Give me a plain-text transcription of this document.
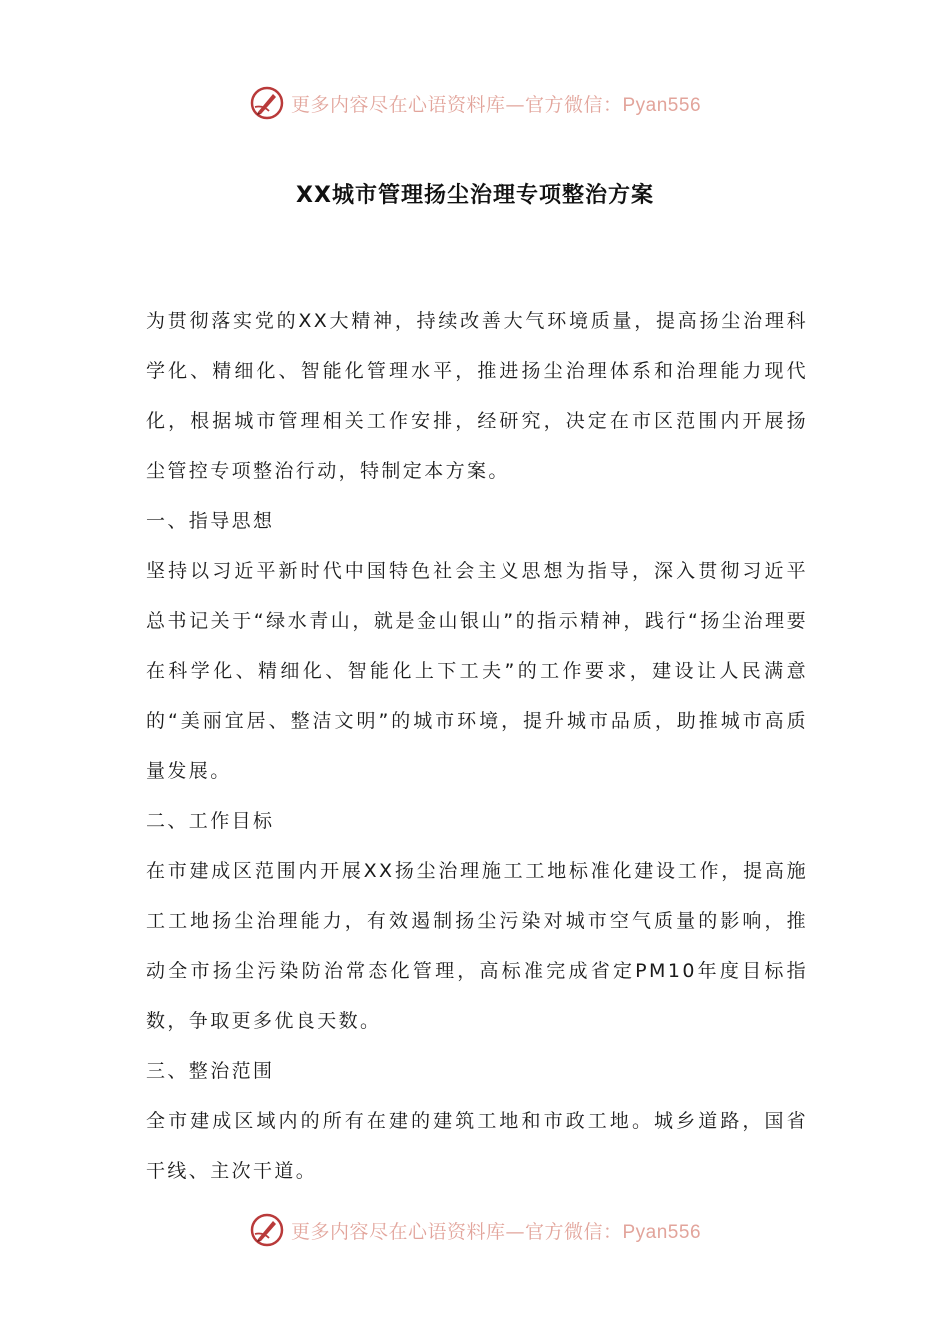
更多内容尽在心语资料库—官方微信：Pyan556
XX城市管理扬尘治理专项整治方案

为贯彻落实党的XX大精神，持续改善大气环境质量，提高扬尘治理科学化、精细化、智能化管理水平，推进扬尘治理体系和治理能力现代化，根据城市管理相关工作安排，经研究，决定在市区范围内开展扬尘管控专项整治行动，特制定本方案。

一、指导思想

坚持以习近平新时代中国特色社会主义思想为指导，深入贯彻习近平总书记关于“绿水青山，就是金山银山”的指示精神，践行“扬尘治理要在科学化、精细化、智能化上下工夫”的工作要求，建设让人民满意的“美丽宜居、整洁文明”的城市环境，提升城市品质，助推城市高质量发展。

二、工作目标

在市建成区范围内开展XX扬尘治理施工工地标准化建设工作，提高施工工地扬尘治理能力，有效遏制扬尘污染对城市空气质量的影响，推动全市扬尘污染防治常态化管理，高标准完成省定PM10年度目标指数，争取更多优良天数。

三、整治范围

全市建成区域内的所有在建的建筑工地和市政工地。城乡道路，国省干线、主次干道。

更多内容尽在心语资料库—官方微信：Pyan556
